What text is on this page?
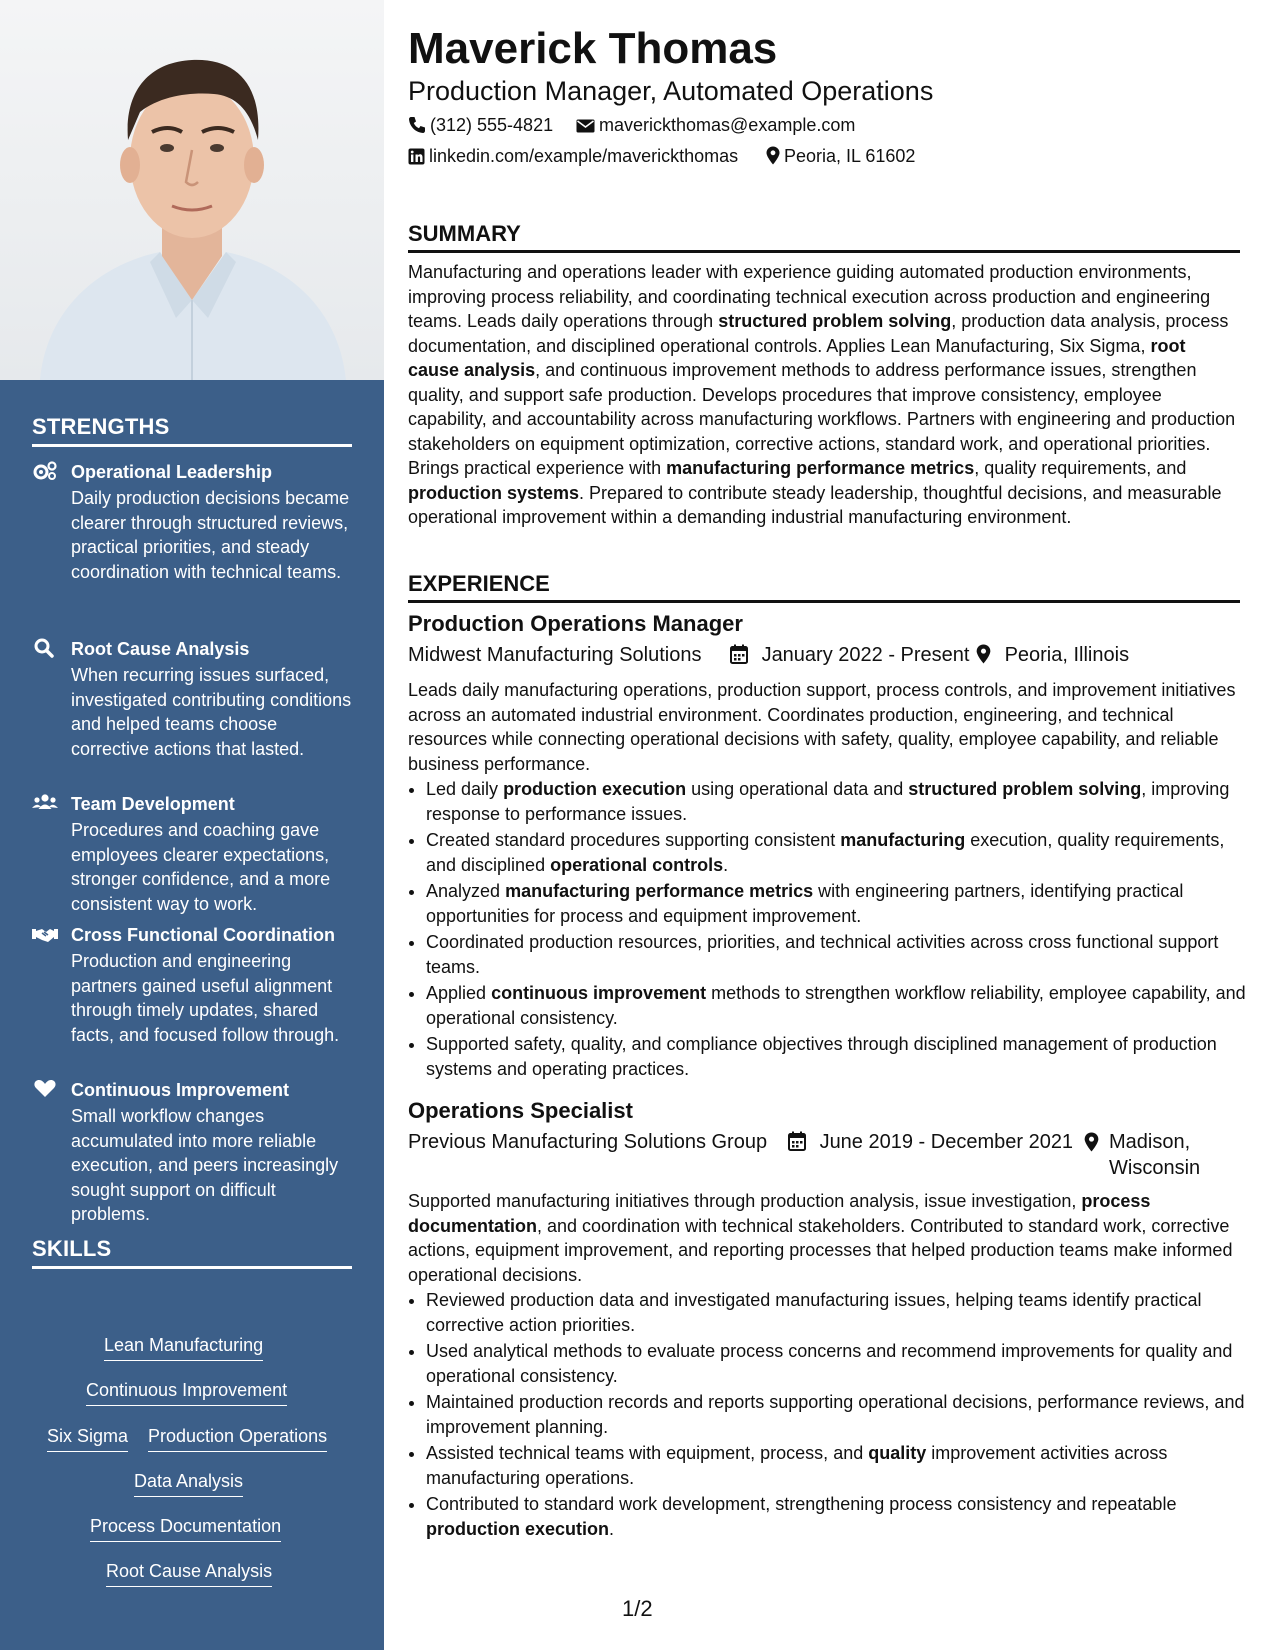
STRENGTHS
Operational Leadership
Daily production decisions became clearer through structured reviews, practical priorities, and steady coordination with technical teams.
Root Cause Analysis
When recurring issues surfaced, investigated contributing conditions and helped teams choose corrective actions that lasted.
Team Development
Procedures and coaching gave employees clearer expectations, stronger confidence, and a more consistent way to work.
Cross Functional Coordination
Production and engineering partners gained useful alignment through timely updates, shared facts, and focused follow through.
Continuous Improvement
Small workflow changes accumulated into more reliable execution, and peers increasingly sought support on difficult problems.
SKILLS
Lean Manufacturing
Continuous Improvement
Six Sigma Production Operations
Data Analysis
Process Documentation
Root Cause Analysis
Maverick Thomas
Production Manager, Automated Operations
(312) 555-4821	maverickthomas@example.com
linkedin.com/example/maverickthomas	Peoria, IL 61602
SUMMARY
Manufacturing and operations leader with experience guiding automated production environments, improving process reliability, and coordinating technical execution across production and engineering teams. Leads daily operations through structured problem solving, production data analysis, process documentation, and disciplined operational controls. Applies Lean Manufacturing, Six Sigma, root cause analysis, and continuous improvement methods to address performance issues, strengthen quality, and support safe production. Develops procedures that improve consistency, employee capability, and accountability across manufacturing workflows. Partners with engineering and production stakeholders on equipment optimization, corrective actions, standard work, and operational priorities. Brings practical experience with manufacturing performance metrics, quality requirements, and production systems. Prepared to contribute steady leadership, thoughtful decisions, and measurable operational improvement within a demanding industrial manufacturing environment.
EXPERIENCE
Production Operations Manager
Midwest Manufacturing Solutions	January 2022 - Present	Peoria, Illinois
Leads daily manufacturing operations, production support, process controls, and improvement initiatives across an automated industrial environment. Coordinates production, engineering, and technical resources while connecting operational decisions with safety, quality, employee capability, and reliable business performance.
• Led daily production execution using operational data and structured problem solving, improving response to performance issues.
• Created standard procedures supporting consistent manufacturing execution, quality requirements, and disciplined operational controls.
• Analyzed manufacturing performance metrics with engineering partners, identifying practical opportunities for process and equipment improvement.
• Coordinated production resources, priorities, and technical activities across cross functional support teams.
• Applied continuous improvement methods to strengthen workflow reliability, employee capability, and operational consistency.
• Supported safety, quality, and compliance objectives through disciplined management of production systems and operating practices.
Operations Specialist
Previous Manufacturing Solutions Group	June 2019 - December 2021 Madison, Wisconsin
Supported manufacturing initiatives through production analysis, issue investigation, process documentation, and coordination with technical stakeholders. Contributed to standard work, corrective actions, equipment improvement, and reporting processes that helped production teams make informed operational decisions.
• Reviewed production data and investigated manufacturing issues, helping teams identify practical corrective action priorities.
• Used analytical methods to evaluate process concerns and recommend improvements for quality and operational consistency.
• Maintained production records and reports supporting operational decisions, performance reviews, and improvement planning.
• Assisted technical teams with equipment, process, and quality improvement activities across manufacturing operations.
• Contributed to standard work development, strengthening process consistency and repeatable production execution.
1/2
